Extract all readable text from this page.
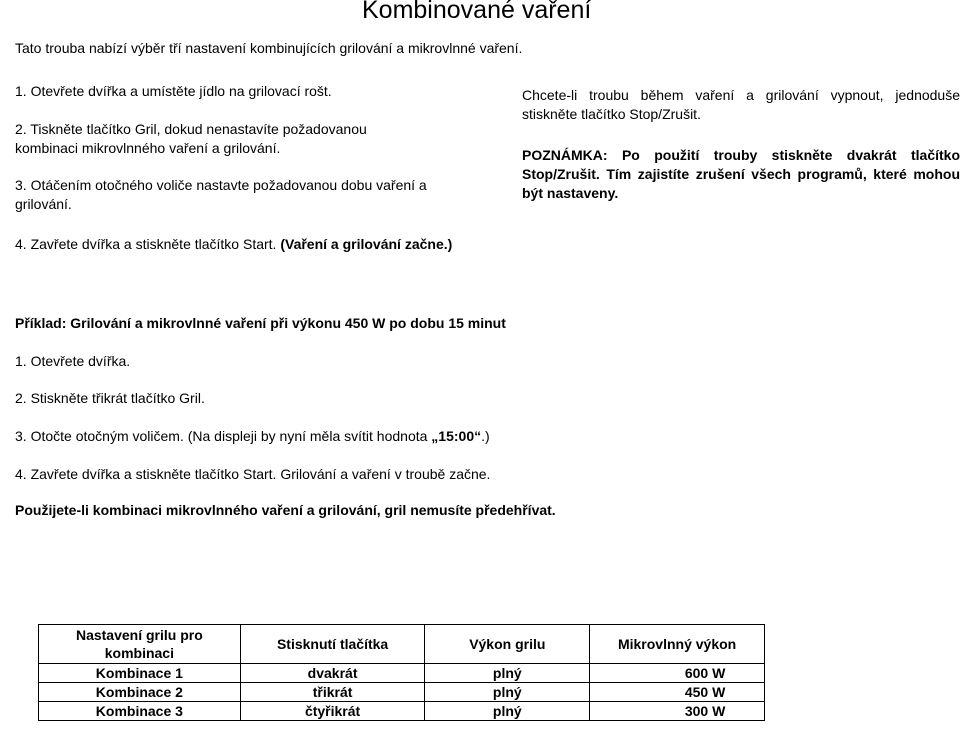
Kombinované vaření

Tato trouba nabízí výběr tří nastavení kombinujících grilování a mikrovlnné vaření.

1. Otevřete dvířka a umístěte jídlo na grilovací rošt.

2. Tiskněte tlačítko Gril, dokud nenastavíte požadovanou kombinaci mikrovlnného vaření a grilování.

3. Otáčením otočného voliče nastavte požadovanou dobu vaření a grilování.

4. Zavřete dvířka a stiskněte tlačítko Start. (Vaření a grilování začne.)

Chcete-li troubu během vaření a grilování vypnout, jednoduše stiskněte tlačítko Stop/Zrušit.

POZNÁMKA: Po použití trouby stiskněte dvakrát tlačítko Stop/Zrušit. Tím zajistíte zrušení všech programů, které mohou být nastaveny.

Příklad: Grilování a mikrovlnné vaření při výkonu 450 W po dobu 15 minut

1. Otevřete dvířka.

2. Stiskněte třikrát tlačítko Gril.

3. Otočte otočným voličem. (Na displeji by nyní měla svítit hodnota „15:00“.)

4. Zavřete dvířka a stiskněte tlačítko Start. Grilování a vaření v troubě začne.

Použijete-li kombinaci mikrovlnného vaření a grilování, gril nemusíte předehřívat.

Nastavení grilu pro kombinaci	Stisknutí tlačítka	Výkon grilu	Mikrovlnný výkon
Kombinace 1	dvakrát	plný	600 W
Kombinace 2	třikrát	plný	450 W
Kombinace 3	čtyřikrát	plný	300 W
